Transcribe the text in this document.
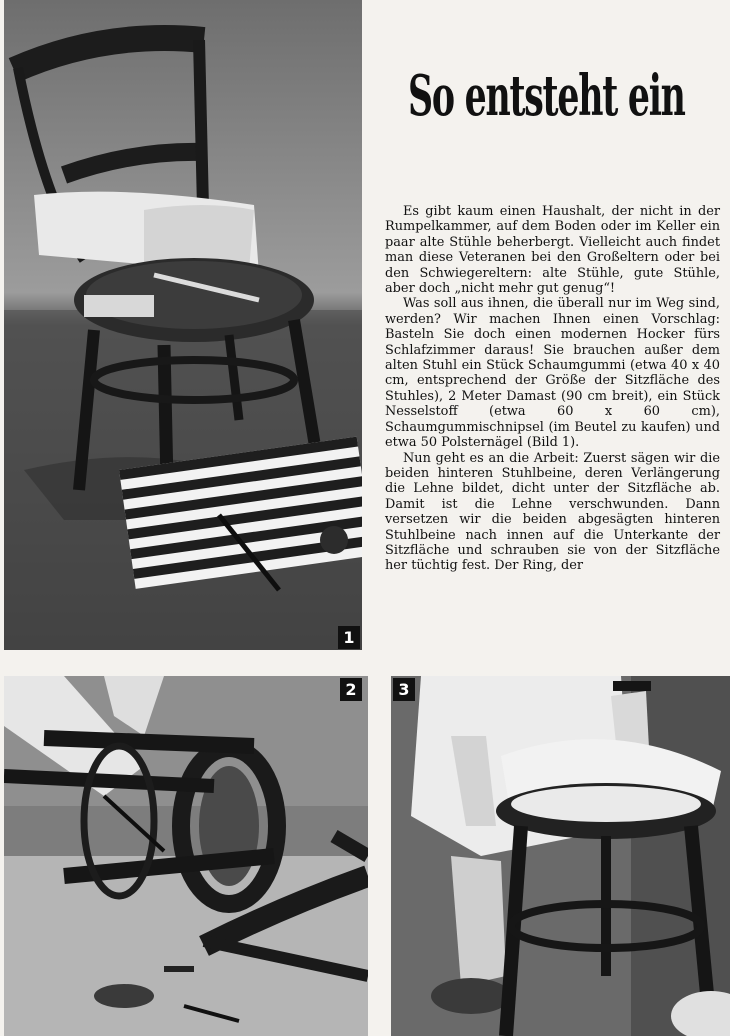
1
So entsteht ein

Es gibt kaum einen Haushalt, der nicht in der Rumpelkammer, auf dem Boden oder im Keller ein paar alte Stühle beherbergt. Vielleicht auch findet man diese Veteranen bei den Großeltern oder bei den Schwiegereltern: alte Stühle, gute Stühle, aber doch „nicht mehr gut genug“!

Was soll aus ihnen, die überall nur im Weg sind, werden? Wir machen Ihnen einen Vorschlag: Basteln Sie doch einen modernen Hocker fürs Schlafzimmer daraus! Sie brauchen außer dem alten Stuhl ein Stück Schaumgummi (etwa 40 x 40 cm, entsprechend der Größe der Sitzfläche des Stuhles), 2 Meter Damast (90 cm breit), ein Stück Nesselstoff (etwa 60 x 60 cm), Schaumgummischnipsel (im Beutel zu kaufen) und etwa 50 Polsternägel (Bild 1).

Nun geht es an die Arbeit: Zuerst sägen wir die beiden hinteren Stuhlbeine, deren Verlängerung die Lehne bildet, dicht unter der Sitzfläche ab. Damit ist die Lehne verschwunden. Dann versetzen wir die beiden abgesägten hinteren Stuhlbeine nach innen auf die Unterkante der Sitzfläche und schrauben sie von der Sitzfläche her tüchtig fest. Der Ring, der

2	3
